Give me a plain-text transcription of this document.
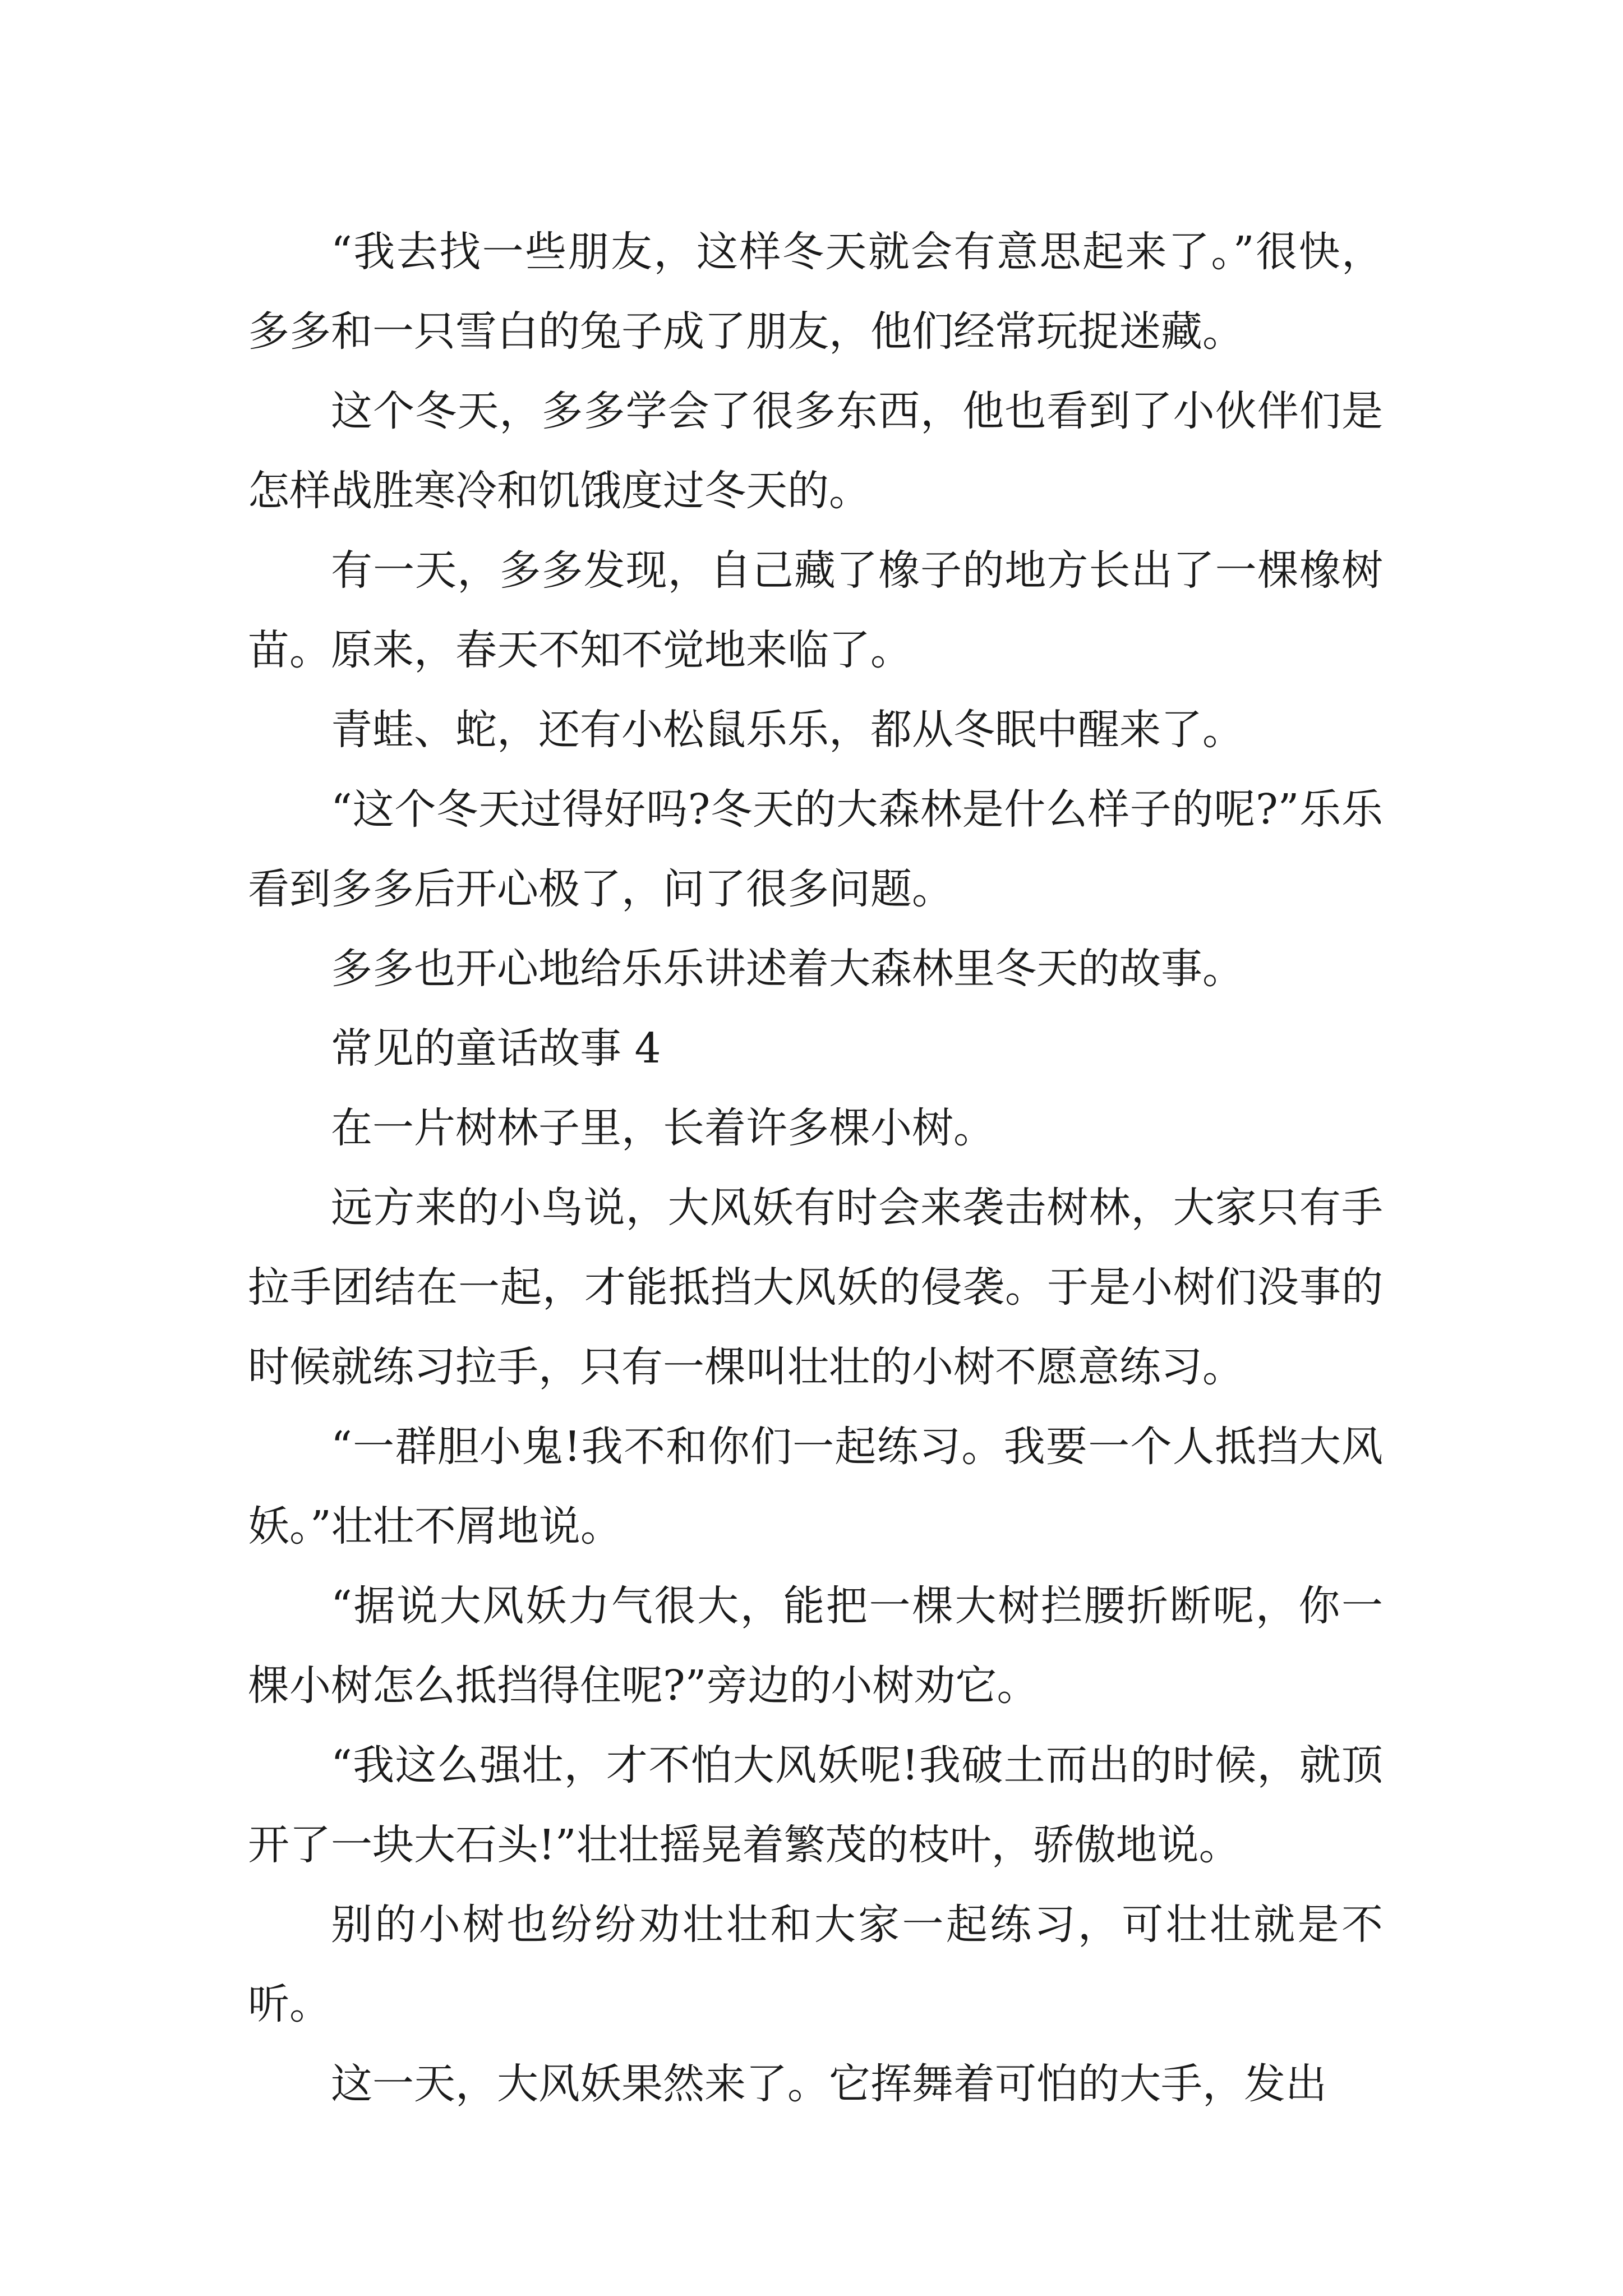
“我去找一些朋友，这样冬天就会有意思起来了。”很快，多多和一只雪白的兔子成了朋友，他们经常玩捉迷藏。

这个冬天，多多学会了很多东西，他也看到了小伙伴们是怎样战胜寒冷和饥饿度过冬天的。

有一天，多多发现，自己藏了橡子的地方长出了一棵橡树苗。原来，春天不知不觉地来临了。

青蛙、蛇，还有小松鼠乐乐，都从冬眠中醒来了。

“这个冬天过得好吗?冬天的大森林是什么样子的呢?”乐乐看到多多后开心极了，问了很多问题。

多多也开心地给乐乐讲述着大森林里冬天的故事。

常见的童话故事 4

在一片树林子里，长着许多棵小树。

远方来的小鸟说，大风妖有时会来袭击树林，大家只有手拉手团结在一起，才能抵挡大风妖的侵袭。于是小树们没事的时候就练习拉手，只有一棵叫壮壮的小树不愿意练习。

“一群胆小鬼!我不和你们一起练习。我要一个人抵挡大风妖。”壮壮不屑地说。

“据说大风妖力气很大，能把一棵大树拦腰折断呢，你一棵小树怎么抵挡得住呢?”旁边的小树劝它。

“我这么强壮，才不怕大风妖呢!我破土而出的时候，就顶开了一块大石头!”壮壮摇晃着繁茂的枝叶，骄傲地说。

别的小树也纷纷劝壮壮和大家一起练习，可壮壮就是不听。

这一天，大风妖果然来了。它挥舞着可怕的大手，发出
